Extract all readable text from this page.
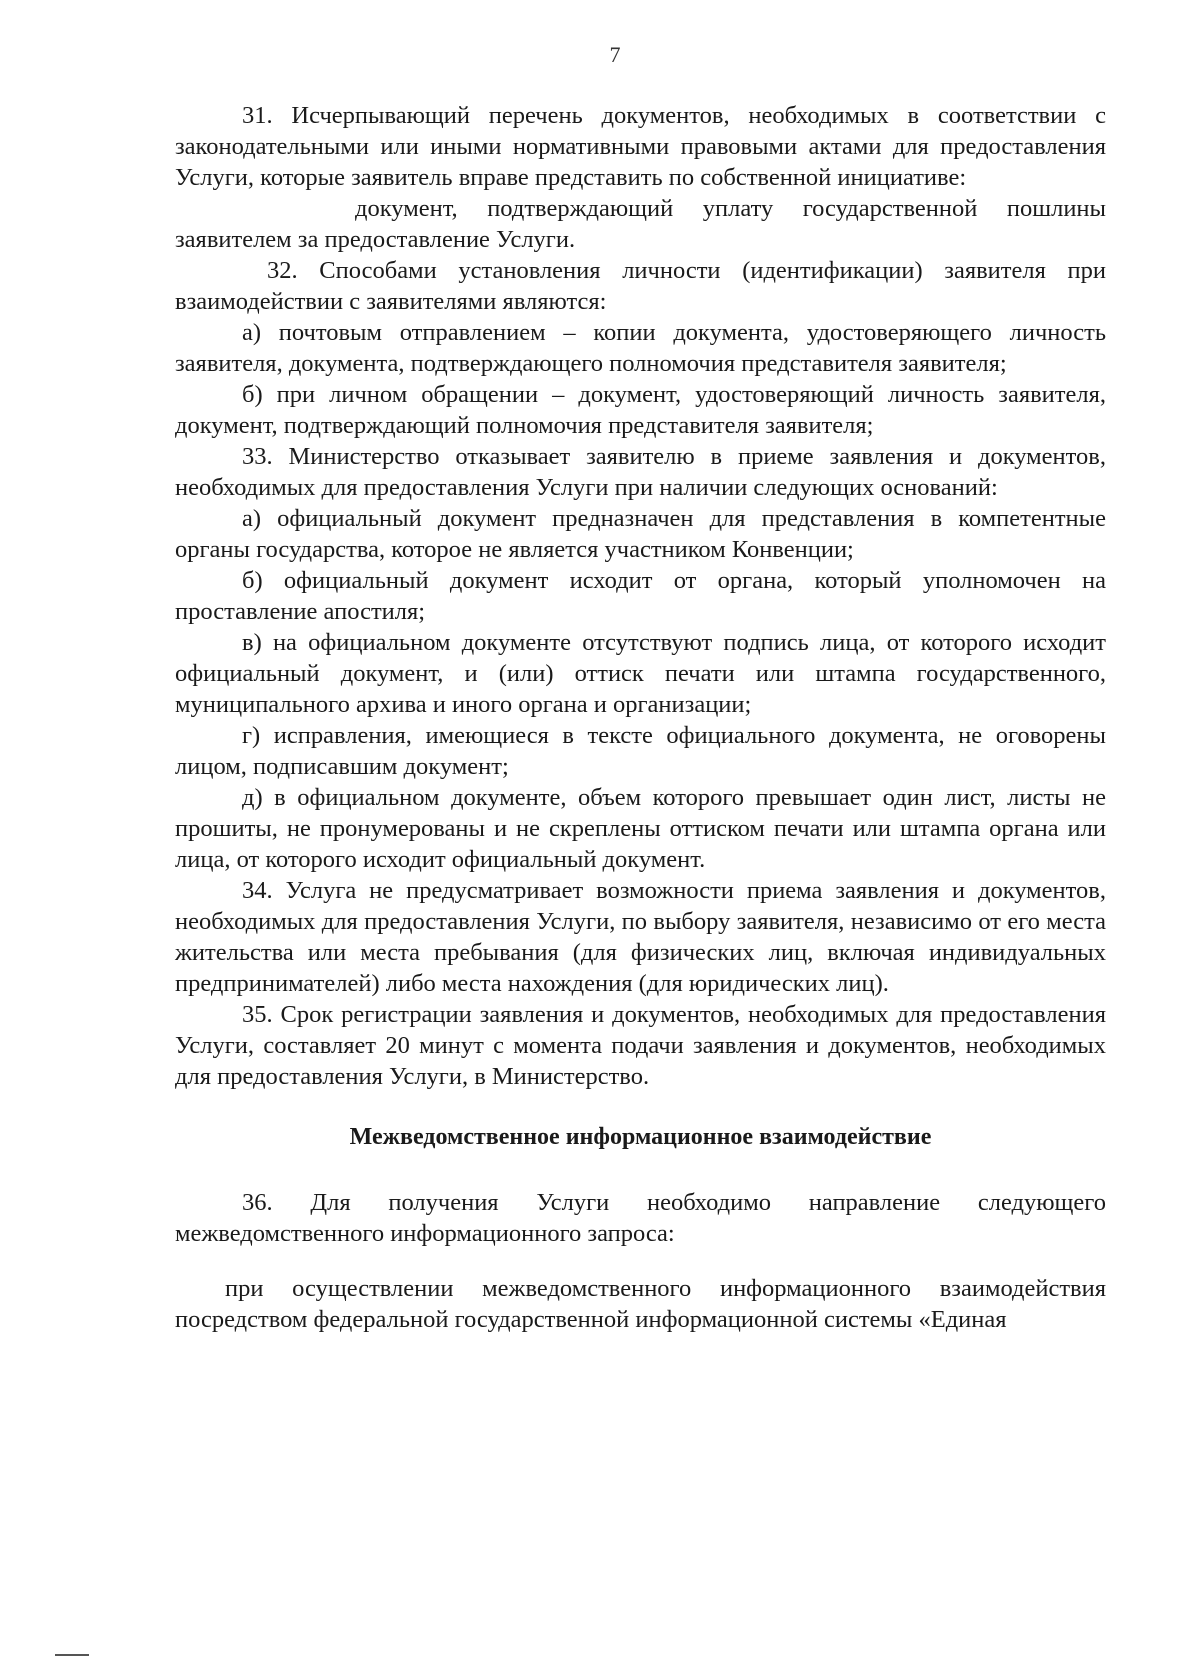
7

31. Исчерпывающий перечень документов, необходимых в соответствии с законодательными или иными нормативными правовыми актами для предоставления Услуги, которые заявитель вправе представить по собственной инициативе:

документ, подтверждающий уплату государственной пошлины заявителем за предоставление Услуги.

32. Способами установления личности (идентификации) заявителя при взаимодействии с заявителями являются:

а) почтовым отправлением – копии документа, удостоверяющего личность заявителя, документа, подтверждающего полномочия представителя заявителя;

б) при личном обращении – документ, удостоверяющий личность заявителя, документ, подтверждающий полномочия представителя заявителя;

33. Министерство отказывает заявителю в приеме заявления и документов, необходимых для предоставления Услуги при наличии следующих оснований:

а) официальный документ предназначен для представления в компетентные органы государства, которое не является участником Конвенции;

б) официальный документ исходит от органа, который уполномочен на проставление апостиля;

в) на официальном документе отсутствуют подпись лица, от которого исходит официальный документ, и (или) оттиск печати или штампа государственного, муниципального архива и иного органа и организации;

г) исправления, имеющиеся в тексте официального документа, не оговорены лицом, подписавшим документ;

д) в официальном документе, объем которого превышает один лист, листы не прошиты, не пронумерованы и не скреплены оттиском печати или штампа органа или лица, от которого исходит официальный документ.

34. Услуга не предусматривает возможности приема заявления и документов, необходимых для предоставления Услуги, по выбору заявителя, независимо от его места жительства или места пребывания (для физических лиц, включая индивидуальных предпринимателей) либо места нахождения (для юридических лиц).

35. Срок регистрации заявления и документов, необходимых для предоставления Услуги, составляет 20 минут с момента подачи заявления и документов, необходимых для предоставления Услуги, в Министерство.

Межведомственное информационное взаимодействие

36. Для получения Услуги необходимо направление следующего межведомственного информационного запроса:

при осуществлении межведомственного информационного взаимодействия посредством федеральной государственной информационной системы «Единая
